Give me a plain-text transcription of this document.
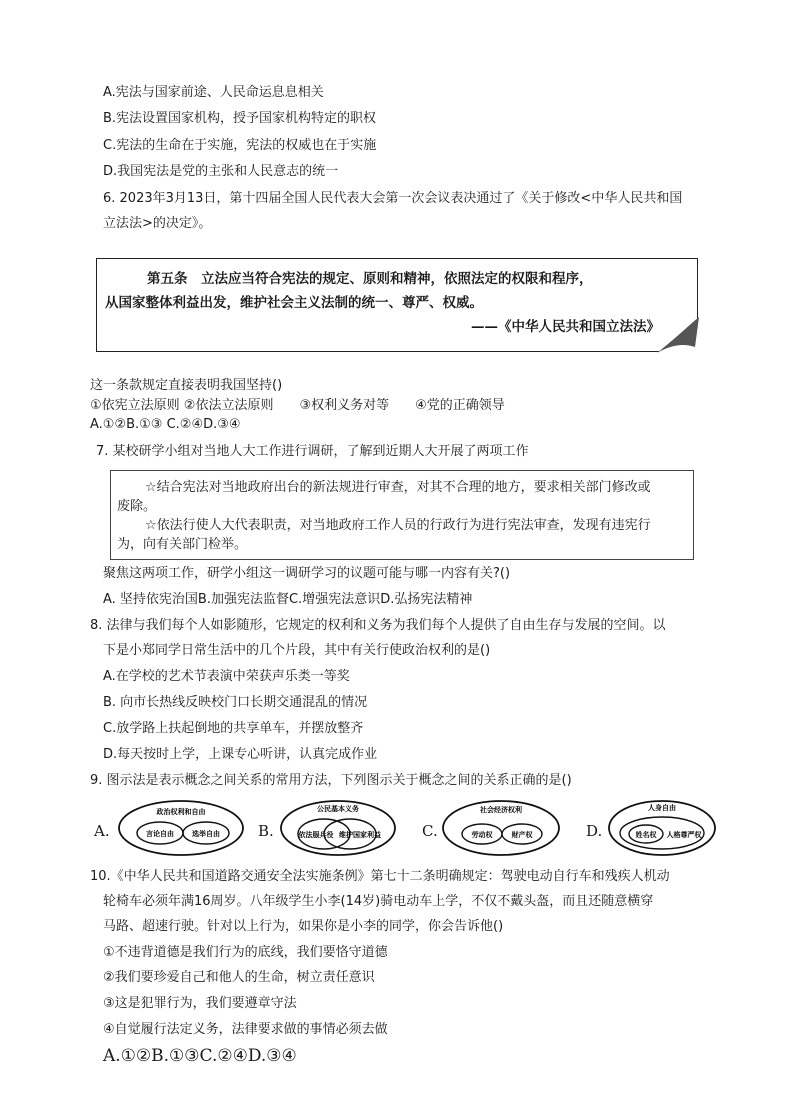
A.宪法与国家前途、人民命运息息相关
B.宪法设置国家机构，授予国家机构特定的职权
C.宪法的生命在于实施，宪法的权威也在于实施
D.我国宪法是党的主张和人民意志的统一
6. 2023年3月13日，第十四届全国人民代表大会第一次会议表决通过了《关于修改<中华人民共和国
立法法>的决定》。
第五条　立法应当符合宪法的规定、原则和精神，依照法定的权限和程序，
从国家整体利益出发，维护社会主义法制的统一、尊严、权威。
——《中华人民共和国立法法》
这一条款规定直接表明我国坚持()
①依宪立法原则 ②依法立法原则　　③权利义务对等　　④党的正确领导
A.①②B.①③ C.②④D.③④
7. 某校研学小组对当地人大工作进行调研，了解到近期人大开展了两项工作
☆结合宪法对当地政府出台的新法规进行审查，对其不合理的地方，要求相关部门修改或
废除。
☆依法行使人大代表职责，对当地政府工作人员的行政行为进行宪法审查，发现有违宪行
为，向有关部门检举。
聚焦这两项工作，研学小组这一调研学习的议题可能与哪一内容有关?()
A. 坚持依宪治国B.加强宪法监督C.增强宪法意识D.弘扬宪法精神
8. 法律与我们每个人如影随形，它规定的权利和义务为我们每个人提供了自由生存与发展的空间。以
下是小郑同学日常生活中的几个片段，其中有关行使政治权利的是()
A.在学校的艺术节表演中荣获声乐类一等奖
B. 向市长热线反映校门口长期交通混乱的情况
C.放学路上扶起倒地的共享单车，并摆放整齐
D.每天按时上学，上课专心听讲，认真完成作业
9. 图示法是表示概念之间关系的常用方法，下列图示关于概念之间的关系正确的是()
A.
政治权利和自由
言论自由	选举自由	B.
公民基本义务
依法服兵役 维护国家利益	C.
社会经济权利
劳动权	财产权	D.
人身自由
姓名权 人格尊严权
10.《中华人民共和国道路交通安全法实施条例》第七十二条明确规定：驾驶电动自行车和残疾人机动
轮椅车必须年满16周岁。八年级学生小李(14岁)骑电动车上学，不仅不戴头盔，而且还随意横穿
马路、超速行驶。针对以上行为，如果你是小李的同学，你会告诉他()
①不违背道德是我们行为的底线，我们要恪守道德
②我们要珍爱自己和他人的生命，树立责任意识
③这是犯罪行为，我们要遵章守法
④自觉履行法定义务，法律要求做的事情必须去做
A.①②B.①③C.②④D.③④
